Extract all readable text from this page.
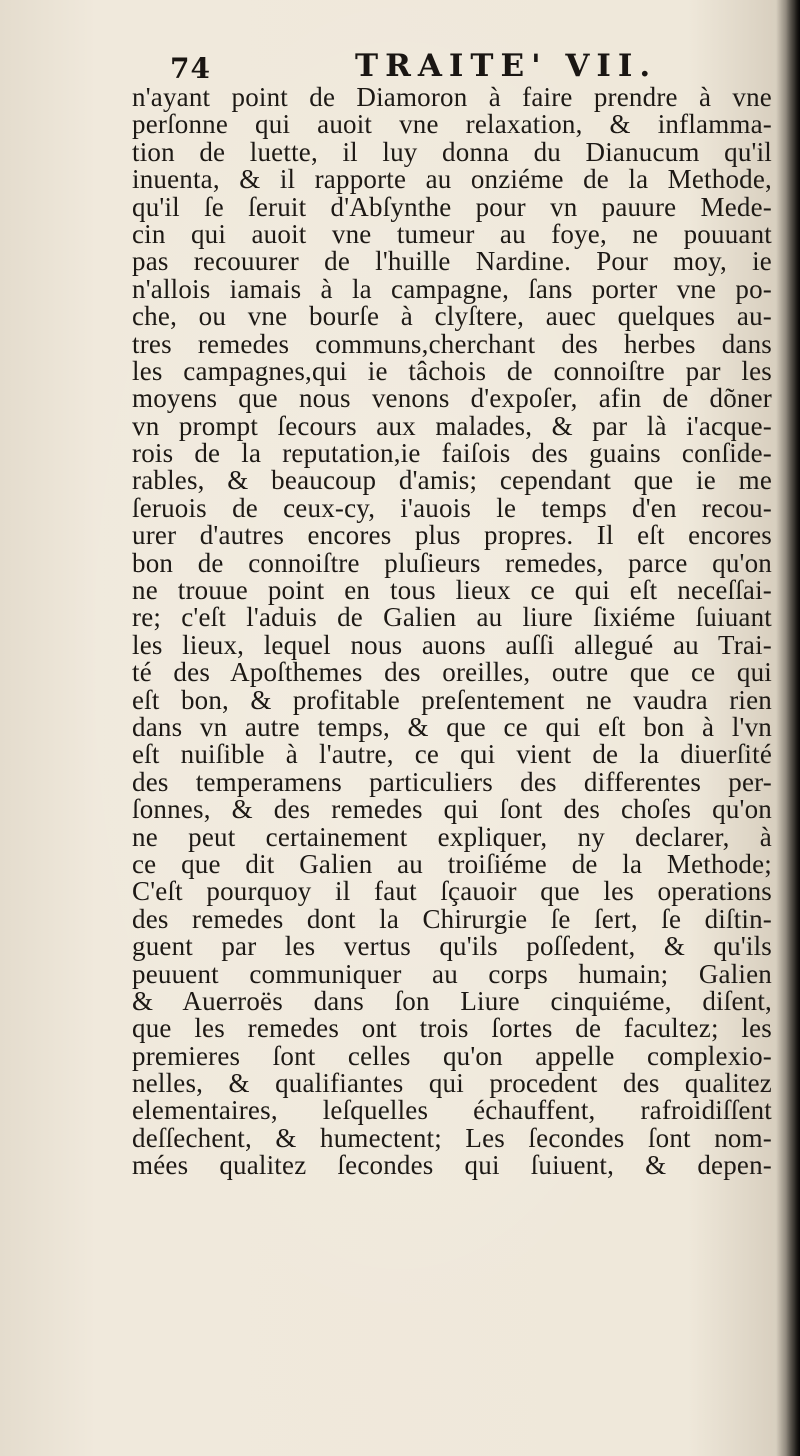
74	TRAITE' VII.
n'ayant point de Diamoron à faire prendre à vne
perſonne qui auoit vne relaxation, & inflamma-
tion de luette, il luy donna du Dianucum qu'il
inuenta, & il rapporte au onziéme de la Methode,
qu'il ſe ſeruit d'Abſynthe pour vn pauure Mede-
cin qui auoit vne tumeur au foye, ne pouuant
pas recouurer de l'huille Nardine. Pour moy, ie
n'allois iamais à la campagne, ſans porter vne po-
che, ou vne bourſe à clyſtere, auec quelques au-
tres remedes communs,cherchant des herbes dans
les campagnes,qui ie tâchois de connoiſtre par les
moyens que nous venons d'expoſer, afin de dõner
vn prompt ſecours aux malades, & par là i'acque-
rois de la reputation,ie faiſois des guains conſide-
rables, & beaucoup d'amis; cependant que ie me
ſeruois de ceux-cy, i'auois le temps d'en recou-
urer d'autres encores plus propres. Il eſt encores
bon de connoiſtre pluſieurs remedes, parce qu'on
ne trouue point en tous lieux ce qui eſt neceſſai-
re; c'eſt l'aduis de Galien au liure ſixiéme ſuiuant
les lieux, lequel nous auons auſſi allegué au Trai-
té des Apoſthemes des oreilles, outre que ce qui
eſt bon, & profitable preſentement ne vaudra rien
dans vn autre temps, & que ce qui eſt bon à l'vn
eſt nuiſible à l'autre, ce qui vient de la diuerſité
des temperamens particuliers des differentes per-
ſonnes, & des remedes qui ſont des choſes qu'on
ne peut certainement expliquer, ny declarer, à
ce que dit Galien au troiſiéme de la Methode;
C'eſt pourquoy il faut ſçauoir que les operations
des remedes dont la Chirurgie ſe ſert, ſe diſtin-
guent par les vertus qu'ils poſſedent, & qu'ils
peuuent communiquer au corps humain; Galien
& Auerroës dans ſon Liure cinquiéme, diſent,
que les remedes ont trois ſortes de facultez; les
premieres ſont celles qu'on appelle complexio-
nelles, & qualifiantes qui procedent des qualitez
elementaires, leſquelles échauffent, rafroidiſſent
deſſechent, & humectent; Les ſecondes ſont nom-
mées qualitez ſecondes qui ſuiuent, & depen-
